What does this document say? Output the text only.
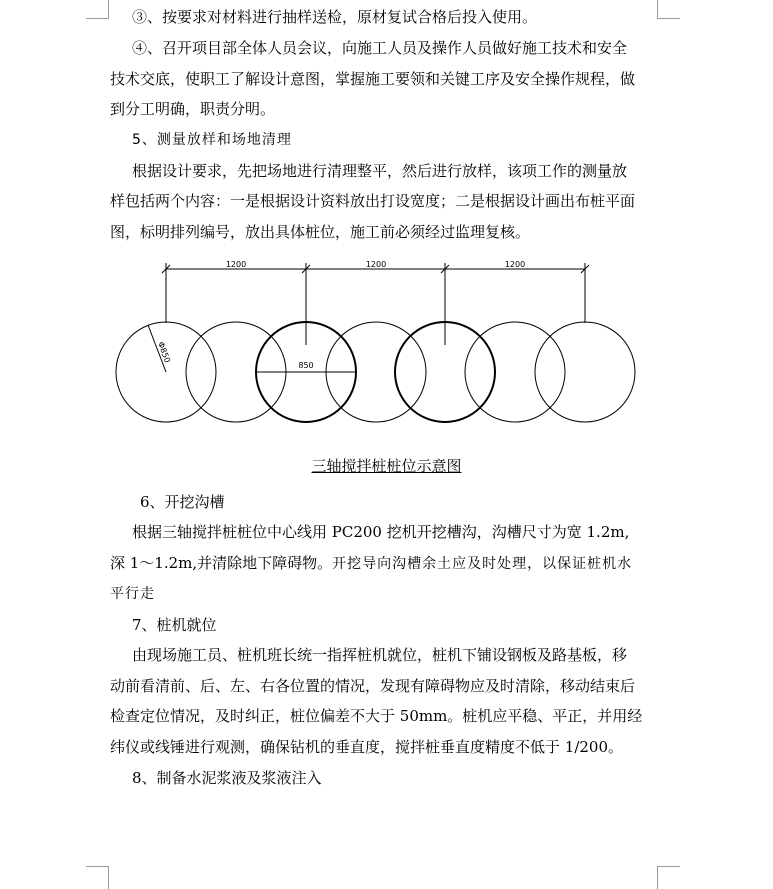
③、按要求对材料进行抽样送检，原材复试合格后投入使用。
④、召开项目部全体人员会议，向施工人员及操作人员做好施工技术和安全
技术交底，使职工了解设计意图，掌握施工要领和关键工序及安全操作规程，做
到分工明确，职责分明。
5、测量放样和场地清理
根据设计要求，先把场地进行清理整平，然后进行放样，该项工作的测量放
样包括两个内容：一是根据设计资料放出打设宽度；二是根据设计画出布桩平面
图，标明排列编号，放出具体桩位，施工前必须经过监理复核。
1200	1200	1200
850
Φ850
三轴搅拌桩桩位示意图
6、开挖沟槽
根据三轴搅拌桩桩位中心线用 PC200 挖机开挖槽沟，沟槽尺寸为宽 1.2m,
深 1～1.2m,并清除地下障碍物。开挖导向沟槽余土应及时处理，以保证桩机水
平行走
7、桩机就位
由现场施工员、桩机班长统一指挥桩机就位，桩机下铺设钢板及路基板，移
动前看清前、后、左、右各位置的情况，发现有障碍物应及时清除，移动结束后
检查定位情况，及时纠正，桩位偏差不大于 50mm。桩机应平稳、平正，并用经
纬仪或线锤进行观测，确保钻机的垂直度，搅拌桩垂直度精度不低于 1/200。
8、制备水泥浆液及浆液注入
